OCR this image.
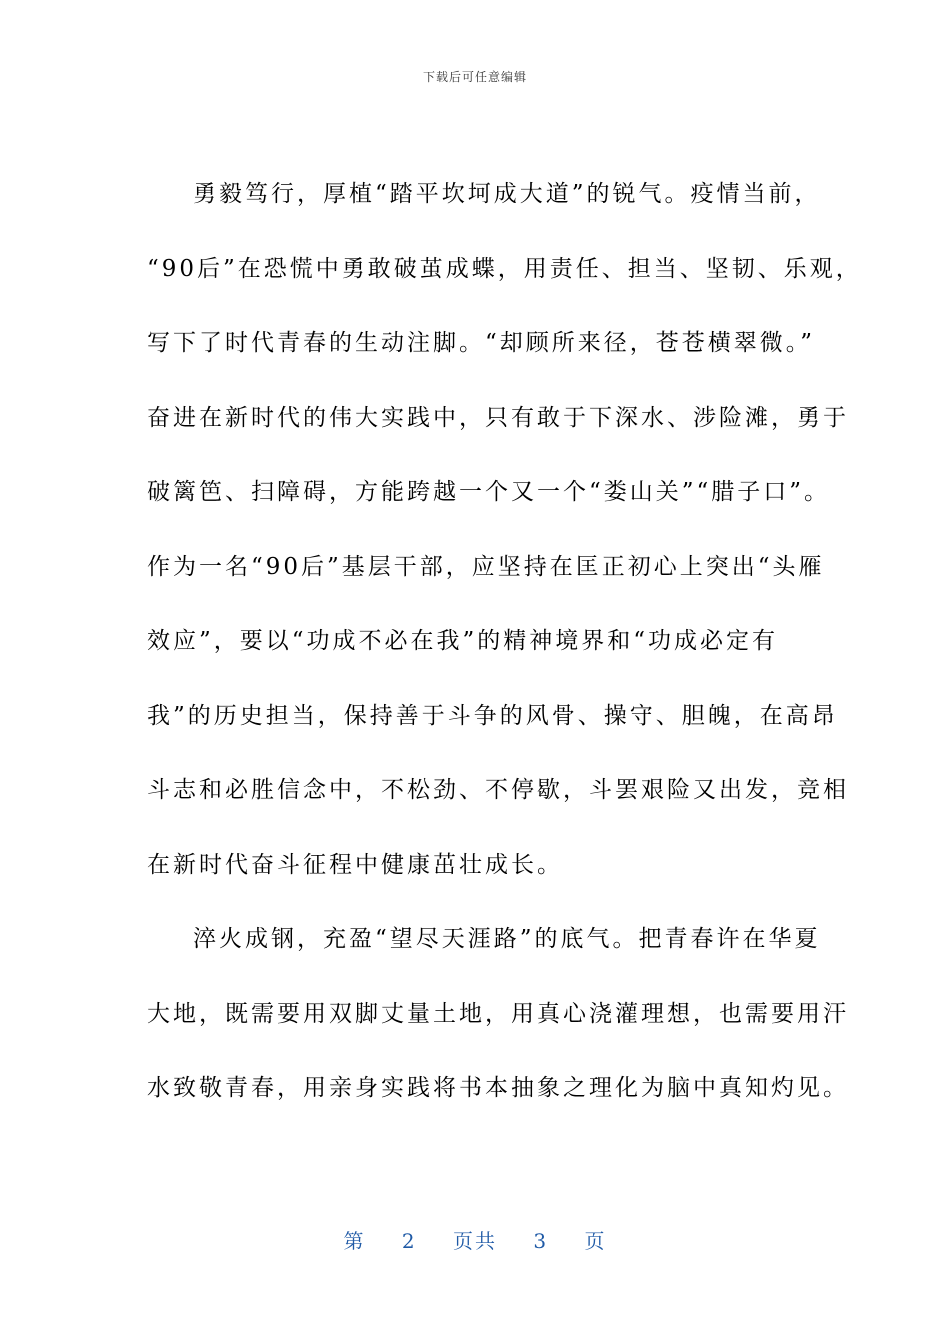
下载后可任意编辑
勇毅笃行，厚植“踏平坎坷成大道”的锐气。疫情当前，
“90后”在恐慌中勇敢破茧成蝶，用责任、担当、坚韧、乐观，
写下了时代青春的生动注脚。“却顾所来径，苍苍横翠微。”
奋进在新时代的伟大实践中，只有敢于下深水、涉险滩，勇于
破篱笆、扫障碍，方能跨越一个又一个“娄山关”“腊子口”。
作为一名“90后”基层干部，应坚持在匡正初心上突出“头雁
效应”，要以“功成不必在我”的精神境界和“功成必定有
我”的历史担当，保持善于斗争的风骨、操守、胆魄，在高昂
斗志和必胜信念中，不松劲、不停歇，斗罢艰险又出发，竞相
在新时代奋斗征程中健康茁壮成长。
淬火成钢，充盈“望尽天涯路”的底气。把青春许在华夏
大地，既需要用双脚丈量土地，用真心浇灌理想，也需要用汗
水致敬青春，用亲身实践将书本抽象之理化为脑中真知灼见。
第 2 页共 3 页
